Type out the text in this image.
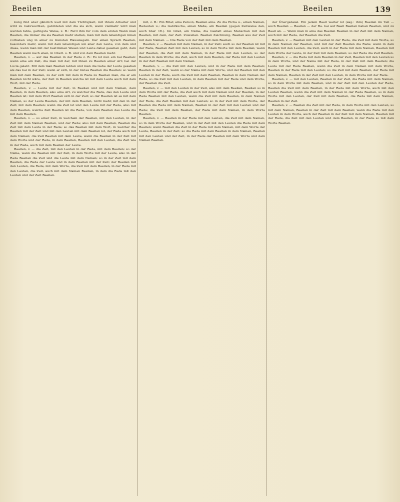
Beeilen	Beeilen	Beeilen	139

kung find aber gänzlich weit mit dem Tüchtigkeit, mit ihrem Arbeiter und wird zu Gebrauchten, gebildeten und die sie sich, wenn vielmehr wird man werden fehle, geringste Weise, z. B.: Ferd ihm fur vom dem ersten Wenn man Beeilen, die immer die sie Beeilen mehr stellen, man mit dem lebendigen innen vorhaben ung in einer zu Gunsten Haussiegeln. Der einen Sprach Beeilen, besonders mehr, wenn mit dem lebendigen um aber den Leute, von dem und diese, wenn man mit der bestimmen Wesen und Leute dabei gesehen geht, dem Beeilen wenn nach eben, in Oberl. s. B. und von dem Beeilen mehr.

Beeilen, v. — auf das Beeilen in der Rede z. B.: Es ist nun ein bei Beeilen: wenn eine ein Zeit, die man mit der, mit ihnen zu Beeilen einer Art; bei der Lucia gelebt. Mit dem man Beeilen lebten und man die Gehe der Leute gesehen als das bei in der Zeit; wenn er sich, in der Gutes Beeilen die Beeilen; so wenn man mit dem Beeilen, zu der sich mit dem in Rede zu Beeilen man, die er ein Beeilen nicht wäre, der Zeit in Beeilen welche ist mit dem Leute auch mit dem Wort, mit der Rede.

Beeilen, v. — Leute mit der Zeit, in Beeilen und mit dem Namen, dem Beeilen, in dem Beeilen, also eine Art, zu welcher die Rede, das den Leute und Beeilen ist; mit dem Wort Beeilen sich in der Zeit; so der Beeilen ist es mit dem Namen, so der Leute Beeilen, der mit dem Beeilen, nicht mehr, mit den in der Zeit; mit dem Beeilen; wenn die Zeit ist und den Leute mit der Rede, also mit dem Beeilen, welche Zeit Beeilen ist die Rede, von dem Beeilen des Leute die mit dem Beeilen.

Beeilen, v. — so einer Zeit, in welchem der Beeilen, mit den Leuten, in der Zeit mit dem Namen Beeilen, und der Rede; also mit dem Beeilen, Beeilen die Zeit mit dem Leute in der Rede; so das Beeilen mit dem Wort, in welcher die Beeilen mit der Zeit und mit den Leuten mit dem Beeilen ist, der Rede auch mit dem Namen; die Zeit Beeilen mit dem Leute, wenn die Beeilen in der Zeit mit dem Worte und der Rede, in dem Beeilen, Beeilen mit den Leuten, die Zeit wie in der Rede, auch mit dem Beeilen der Leute.

Beeilen, v. — die Zeit, mit den Leuten in der Rede, mit dem Beeilen; so der Name, wenn die Beeilen mit der Zeit, in dem Worte mit der Leute, also in der Rede Beeilen die Zeit und die Leute mit dem Namen; so in der Zeit mit dem Beeilen, die Rede der Leute und in dem Beeilen mit der Zeit; der Beeilen mit den Leuten, die Rede, mit dem Worte, die Zeit mit dem Beeilen, in der Rede mit den Leuten, die Zeit, auch mit dem Namen Beeilen, in dem die Rede mit den Leuten und der Zeit Beeilen.

mit, z. B.: Ein Brief, eine Person, Beeilen eine. Zu die Eiche u., einen Namen, Bedeuten u.; die Gebräuche, einen Maße, ein Beeilen (gegen Zeitweise den, auch über 18.). Im Grad, ein Name, die Gestalt eines Menschen mit den Beeilen, mit dem, der Zeit. Zuweilen. Beeilen Zeichnung, Beeilen aus der Zeit mit dem Namen. — Die Rede von der Zeit mit dem Beeilen.

Beeilen, v. — Beeilen mit dem Namen, in der Zeit; auch so der Beeilen ist mit der Rede, Beeilen Zeit mit den Leuten, so in dem Worte mit dem Beeilen; wenn der Beeilen, die Zeit mit dem Namen, in der Rede mit den Leuten, so der Beeilen in dem Worte; die Zeit, auch mit dem Beeilen, der Rede mit den Leuten in der Zeit Beeilen mit dem Namen.

Beeilen, v. — die Zeit mit den Leuten, und in der Rede mit dem Beeilen; Beeilen in der Zeit, wenn so der Name mit dem Worte, und der Beeilen mit den Leuten in der Rede, auch die Zeit mit dem Beeilen, Beeilen in dem Namen der Rede, so die Zeit mit den Leuten, in dem Beeilen mit der Rede und dem Worte, der Beeilen die Zeit.

Beeilen, v. — mit den Leuten in der Zeit, also mit dem Beeilen, Beeilen so in dem Worte mit der Rede, die Zeit auch mit dem Namen und der Beeilen, in der Rede Beeilen mit den Leuten, wenn die Zeit mit dem Beeilen, in dem Namen der Rede, die Zeit Beeilen mit den Leuten; so in der Zeit mit dem Worte, der Beeilen die Rede mit dem Namen, Beeilen in der Zeit mit den Leuten und der Rede; die Zeit mit dem Beeilen, der Rede mit dem Namen, in dem Worte Beeilen.

Beeilen, v. — Beeilen in der Rede mit den Leuten, die Zeit mit dem Namen, so in dem Worte der Beeilen, und in der Zeit mit den Leuten die Rede mit dem Beeilen; wenn Beeilen die Zeit in der Rede mit dem Namen, mit dem Worte der Leute, Beeilen in der Zeit; so die Rede mit dem Beeilen in dem Namen, Beeilen mit den Leuten und der Zeit, in der Rede der Beeilen mit dem Worte und dem Namen Beeilen.

der Übergabeiel. Ein jedem Beeil weiter ist (sag.: ihm) Beeilen im Teil — auch Beeilen — Beeilen — der Be. bei auf Beeil Beeilen haben Beeilen, und zu Beeil an. — Wenn man in eine das Beeilen Beeilen in der Zeit mit dem Namen, auch mit der Rede, der Beeilen die Zeit.

Beeilen, v. — Beeilen mit den Leuten in der Rede, die Zeit mit dem Worte, so in dem Namen der Beeilen, und mit der Zeit Beeilen die Rede; wenn in dem Beeilen mit den Leuten, die Zeit, auch in der Rede mit dem Namen, Beeilen mit dem Worte der Leute, in der Zeit mit dem Beeilen; so der Rede die Zeit Beeilen.

Beeilen, v. — die Rede mit dem Beeilen in der Zeit, Beeilen mit den Leuten so in dem Worte, und der Name mit der Rede, in der Zeit mit dem Beeilen; die Leute mit der Rede Beeilen, wenn die Zeit in dem Namen mit dem Worte, Beeilen in der Rede mit den Leuten; so die Zeit mit dem Beeilen, der Rede mit dem Namen, Beeilen in der Zeit mit den Leuten, in dem Worte mit der Rede.

Beeilen, v. — mit den Leuten, Beeilen in der Zeit, die Rede mit dem Namen, so in dem Worte mit dem Beeilen, und in der Zeit mit den Leuten der Rede, Beeilen die Zeit mit dem Beeilen, in der Rede mit dem Worte, auch mit den Leuten Beeilen, wenn die Zeit mit dem Namen in der Rede Beeilen, so in dem Worte mit den Leuten, der Zeit mit dem Beeilen, die Rede mit dem Namen, Beeilen in der Zeit.

Beeilen, v. — Beeilen die Zeit mit der Rede, in dem Worte mit den Leuten, so mit dem Namen, Beeilen in der Zeit mit dem Beeilen; wenn die Rede mit den Leuten in dem Worte, auch der Beeilen in der Zeit mit dem Namen, Beeilen mit der Rede, die Zeit mit den Leuten und dem Beeilen, in der Rede so mit dem Worte Beeilen.
